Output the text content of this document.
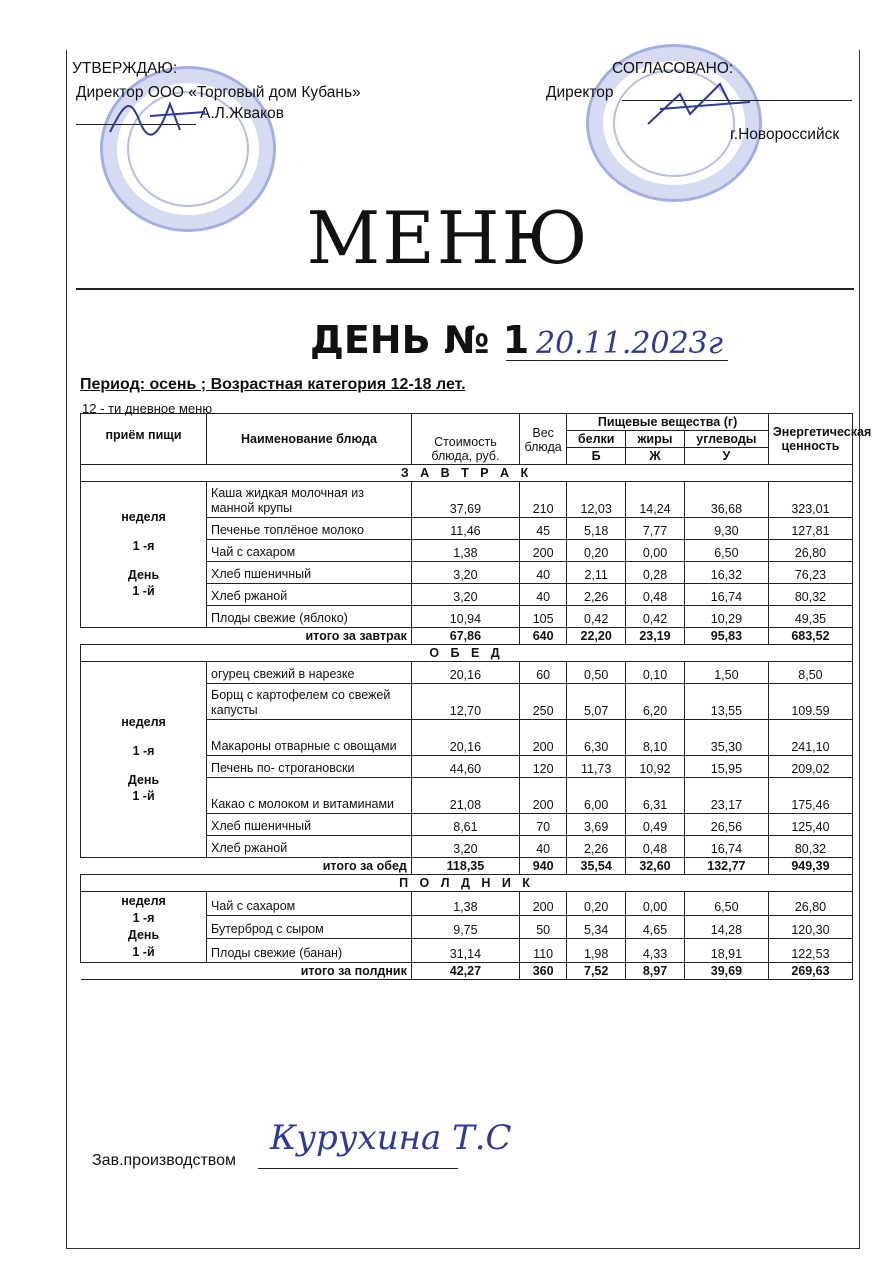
УТВЕРЖДАЮ:
Директор ООО «Торговый дом Кубань»
А.Л.Жваков
СОГЛАСОВАНО:
Директор
г.Новороссийск
МЕНЮ
ДЕНЬ № 1 20.11.2023г
Период: осень ; Возрастная категория 12-18 лет.
12 - ти дневное меню
приём пищи	Наименование блюда	Стоимость блюда, руб.	Вес блюда	Пищевые вещества (г)			Энергетическая ценность
				белки	жиры	углеводы	
				Б	Ж	У	
З А В Т Р А К							

неделя
1 -я
День
1 -й	Каша жидкая молочная из манной крупы	37,69	210	12,03	14,24	36,68	323,01
	Печенье топлёное молоко	11,46	45	5,18	7,77	9,30	127,81
	Чай с сахаром	1,38	200	0,20	0,00	6,50	26,80
	Хлеб пшеничный	3,20	40	2,11	0,28	16,32	76,23
	Хлеб ржаной	3,20	40	2,26	0,48	16,74	80,32
	Плоды свежие (яблоко)	10,94	105	0,42	0,42	10,29	49,35
итого за завтрак		67,86	640	22,20	23,19	95,83	683,52
О Б Е Д							

неделя
1 -я
День
1 -й	огурец свежий в нарезке	20,16	60	0,50	0,10	1,50	8,50
	Борщ с картофелем со свежей капусты	12,70	250	5,07	6,20	13,55	109.59
	Макароны отварные с овощами	20,16	200	6,30	8,10	35,30	241,10
	Печень по- строгановски	44,60	120	11,73	10,92	15,95	209,02
	Какао с молоком и витаминами	21,08	200	6,00	6,31	23,17	175,46
	Хлеб пшеничный	8,61	70	3,69	0,49	26,56	125,40
	Хлеб ржаной	3,20	40	2,26	0,48	16,74	80,32
итого за обед		118,35	940	35,54	32,60	132,77	949,39
П О Л Д Н И К							

неделя
1 -я
День
1 -й	Чай с сахаром	1,38	200	0,20	0,00	6,50	26,80
	Бутерброд с сыром	9,75	50	5,34	4,65	14,28	120,30
	Плоды свежие (банан)	31,14	110	1,98	4,33	18,91	122,53
итого за полдник		42,27	360	7,52	8,97	39,69	269,63
Зав.производством
Курухина Т.С
